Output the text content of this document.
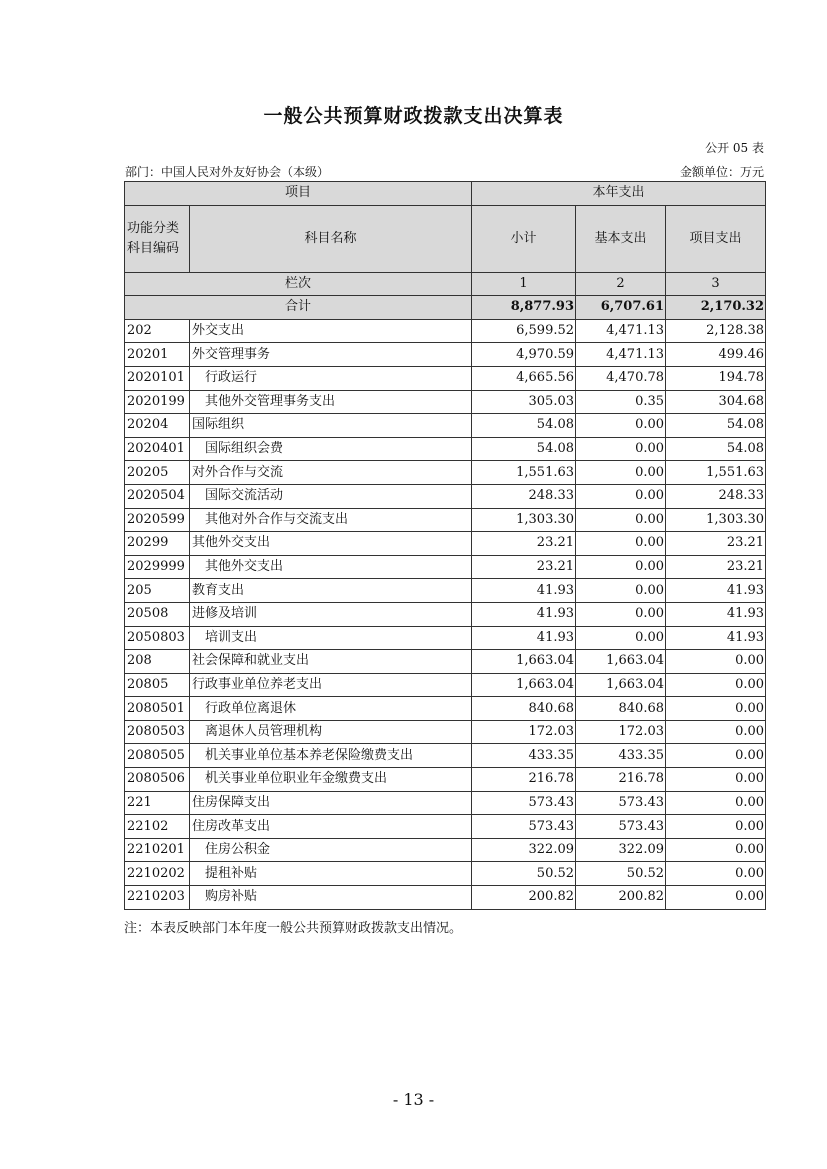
一般公共预算财政拨款支出决算表
公开 05 表
部门：中国人民对外友好协会（本级）	金额单位：万元
项目		本年支出		
功能分类科目编码	科目名称	小计	基本支出	项目支出
栏次		1	2	3
合计		8,877.93	6,707.61	2,170.32
202	外交支出	6,599.52	4,471.13	2,128.38
20201	外交管理事务	4,970.59	4,471.13	499.46
2020101	　行政运行	4,665.56	4,470.78	194.78
2020199	　其他外交管理事务支出	305.03	0.35	304.68
20204	国际组织	54.08	0.00	54.08
2020401	　国际组织会费	54.08	0.00	54.08
20205	对外合作与交流	1,551.63	0.00	1,551.63
2020504	　国际交流活动	248.33	0.00	248.33
2020599	　其他对外合作与交流支出	1,303.30	0.00	1,303.30
20299	其他外交支出	23.21	0.00	23.21
2029999	　其他外交支出	23.21	0.00	23.21
205	教育支出	41.93	0.00	41.93
20508	进修及培训	41.93	0.00	41.93
2050803	　培训支出	41.93	0.00	41.93
208	社会保障和就业支出	1,663.04	1,663.04	0.00
20805	行政事业单位养老支出	1,663.04	1,663.04	0.00
2080501	　行政单位离退休	840.68	840.68	0.00
2080503	　离退休人员管理机构	172.03	172.03	0.00
2080505	　机关事业单位基本养老保险缴费支出	433.35	433.35	0.00
2080506	　机关事业单位职业年金缴费支出	216.78	216.78	0.00
221	住房保障支出	573.43	573.43	0.00
22102	住房改革支出	573.43	573.43	0.00
2210201	　住房公积金	322.09	322.09	0.00
2210202	　提租补贴	50.52	50.52	0.00
2210203	　购房补贴	200.82	200.82	0.00
注：本表反映部门本年度一般公共预算财政拨款支出情况。
- 13 -
